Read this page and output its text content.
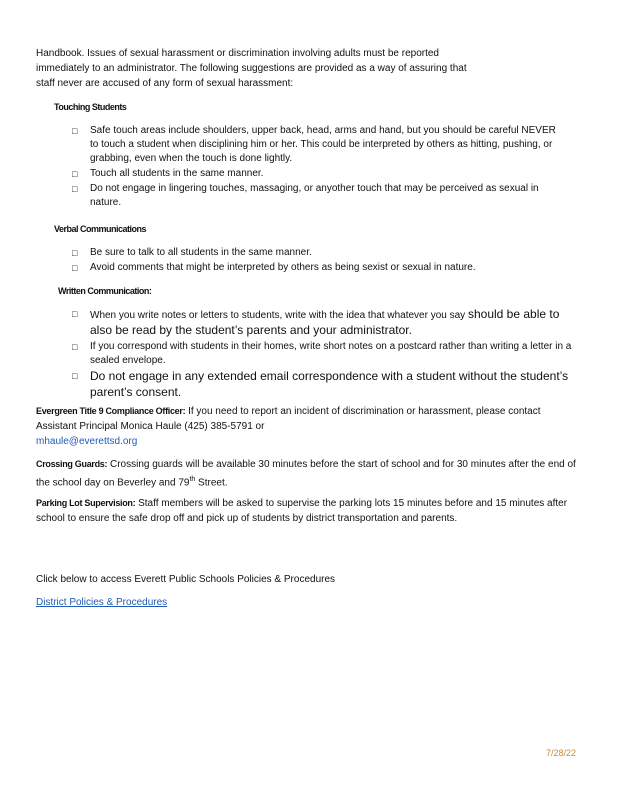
Handbook. Issues of sexual harassment or discrimination involving adults must be reported
immediately to an administrator. The following suggestions are provided as a way of assuring that
staff never are accused of any form of sexual harassment:
Touching Students
□ Safe touch areas include shoulders, upper back, head, arms and hand, but you should be careful NEVER to touch a student when disciplining him or her. This could be interpreted by others as hitting, pushing, or grabbing, even when the touch is done lightly.
□ Touch all students in the same manner.
□ Do not engage in lingering touches, massaging, or anyother touch that may be perceived as sexual in nature.
Verbal Communications
□ Be sure to talk to all students in the same manner.
□ Avoid comments that might be interpreted by others as being sexist or sexual in nature.
Written Communication:
□ When you write notes or letters to students, write with the idea that whatever you say should be able to also be read by the student’s parents and your administrator.
□ If you correspond with students in their homes, write short notes on a postcard rather than writing a letter in a sealed envelope.
□ Do not engage in any extended email correspondence with a student without the student’s parent’s consent.
Evergreen Title 9 Compliance Officer: If you need to report an incident of discrimination or harassment, please contact Assistant Principal Monica Haule (425) 385-5791 or
mhaule@everettsd.org
Crossing Guards: Crossing guards will be available 30 minutes before the start of school and for 30 minutes after the end of the school day on Beverley and 79th Street.
Parking Lot Supervision: Staff members will be asked to supervise the parking lots 15 minutes before and 15 minutes after school to ensure the safe drop off and pick up of students by district transportation and parents.
Click below to access Everett Public Schools Policies & Procedures
District Policies & Procedures
7/28/22
